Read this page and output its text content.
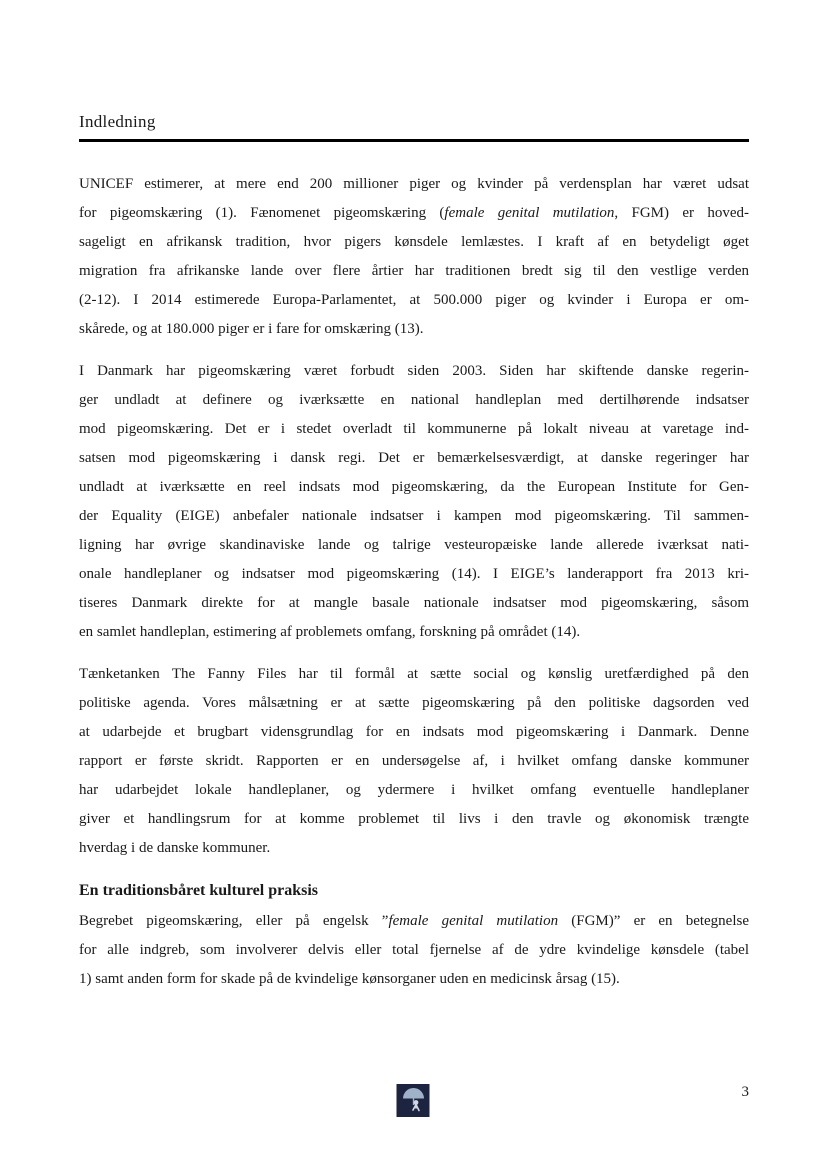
Indledning
UNICEF estimerer, at mere end 200 millioner piger og kvinder på verdensplan har været udsat
for pigeomskæring (1). Fænomenet pigeomskæring (female genital mutilation, FGM) er hoved-
sageligt en afrikansk tradition, hvor pigers kønsdele lemlæstes. I kraft af en betydeligt øget
migration fra afrikanske lande over flere årtier har traditionen bredt sig til den vestlige verden
(2-12). I 2014 estimerede Europa-Parlamentet, at 500.000 piger og kvinder i Europa er om-
skårede, og at 180.000 piger er i fare for omskæring (13).
I Danmark har pigeomskæring været forbudt siden 2003. Siden har skiftende danske regerin-
ger undladt at definere og iværksætte en national handleplan med dertilhørende indsatser
mod pigeomskæring. Det er i stedet overladt til kommunerne på lokalt niveau at varetage ind-
satsen mod pigeomskæring i dansk regi. Det er bemærkelsesværdigt, at danske regeringer har
undladt at iværksætte en reel indsats mod pigeomskæring, da the European Institute for Gen-
der Equality (EIGE) anbefaler nationale indsatser i kampen mod pigeomskæring. Til sammen-
ligning har øvrige skandinaviske lande og talrige vesteuropæiske lande allerede iværksat nati-
onale handleplaner og indsatser mod pigeomskæring (14). I EIGE’s landerapport fra 2013 kri-
tiseres Danmark direkte for at mangle basale nationale indsatser mod pigeomskæring, såsom
en samlet handleplan, estimering af problemets omfang, forskning på området (14).
Tænketanken The Fanny Files har til formål at sætte social og kønslig uretfærdighed på den
politiske agenda. Vores målsætning er at sætte pigeomskæring på den politiske dagsorden ved
at udarbejde et brugbart vidensgrundlag for en indsats mod pigeomskæring i Danmark. Denne
rapport er første skridt. Rapporten er en undersøgelse af, i hvilket omfang danske kommuner
har udarbejdet lokale handleplaner, og ydermere i hvilket omfang eventuelle handleplaner
giver et handlingsrum for at komme problemet til livs i den travle og økonomisk trængte
hverdag i de danske kommuner.
En traditionsbåret kulturel praksis
Begrebet pigeomskæring, eller på engelsk ”female genital mutilation (FGM)” er en betegnelse
for alle indgreb, som involverer delvis eller total fjernelse af de ydre kvindelige kønsdele (tabel
1) samt anden form for skade på de kvindelige kønsorganer uden en medicinsk årsag (15).
3
